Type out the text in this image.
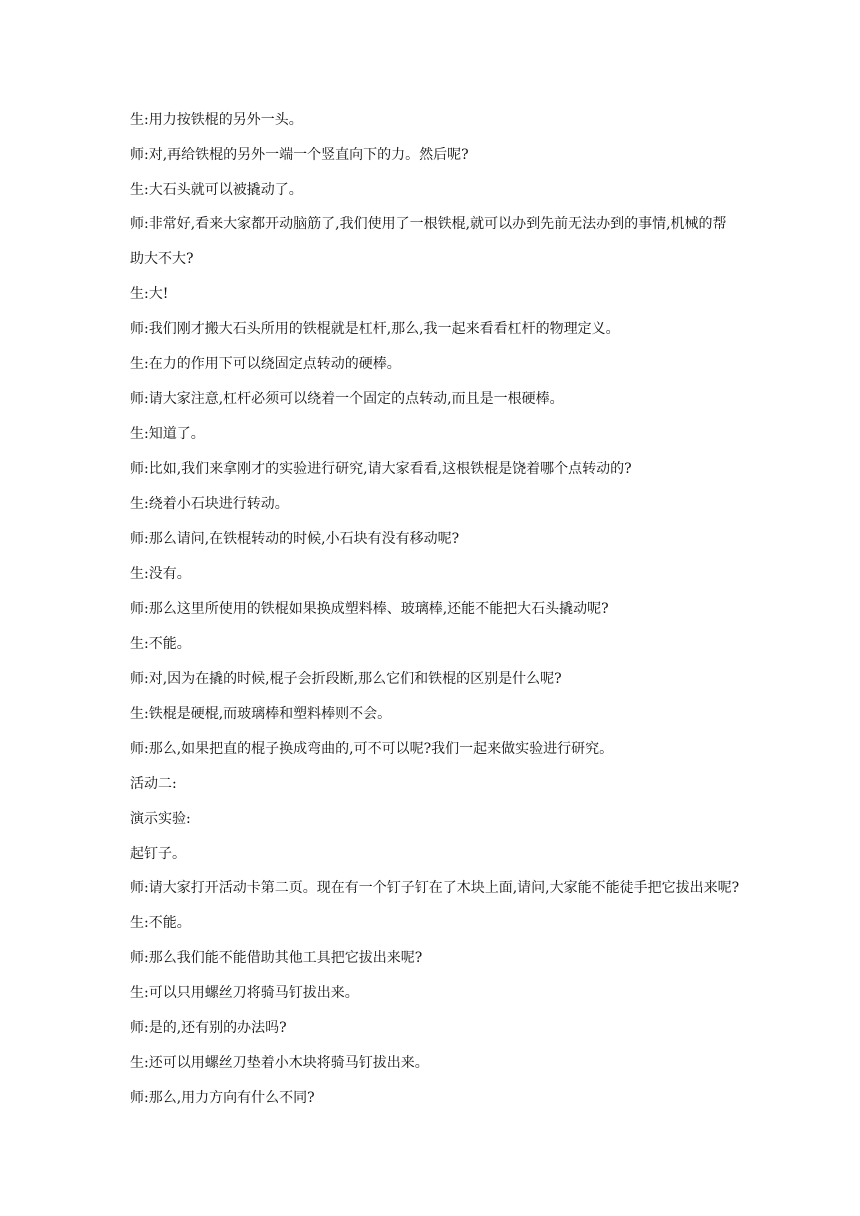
生:用力按铁棍的另外一头。

师:对,再给铁棍的另外一端一个竖直向下的力。然后呢?

生:大石头就可以被撬动了。

师:非常好,看来大家都开动脑筋了,我们使用了一根铁棍,就可以办到先前无法办到的事情,机械的帮助大不大?

生:大!

师:我们刚才搬大石头所用的铁棍就是杠杆,那么,我一起来看看杠杆的物理定义。

生:在力的作用下可以绕固定点转动的硬棒。

师:请大家注意,杠杆必须可以绕着一个固定的点转动,而且是一根硬棒。

生:知道了。

师:比如,我们来拿刚才的实验进行研究,请大家看看,这根铁棍是饶着哪个点转动的?

生:绕着小石块进行转动。

师:那么请问,在铁棍转动的时候,小石块有没有移动呢?

生:没有。

师:那么这里所使用的铁棍如果换成塑料棒、玻璃棒,还能不能把大石头撬动呢?

生:不能。

师:对,因为在撬的时候,棍子会折段断,那么它们和铁棍的区别是什么呢?

生:铁棍是硬棍,而玻璃棒和塑料棒则不会。

师:那么,如果把直的棍子换成弯曲的,可不可以呢?我们一起来做实验进行研究。

活动二:

演示实验:

起钉子。

师:请大家打开活动卡第二页。现在有一个钉子钉在了木块上面,请问,大家能不能徒手把它拔出来呢?

生:不能。

师:那么我们能不能借助其他工具把它拔出来呢?

生:可以只用螺丝刀将骑马钉拔出来。

师:是的,还有别的办法吗?

生:还可以用螺丝刀垫着小木块将骑马钉拔出来。

师:那么,用力方向有什么不同?
